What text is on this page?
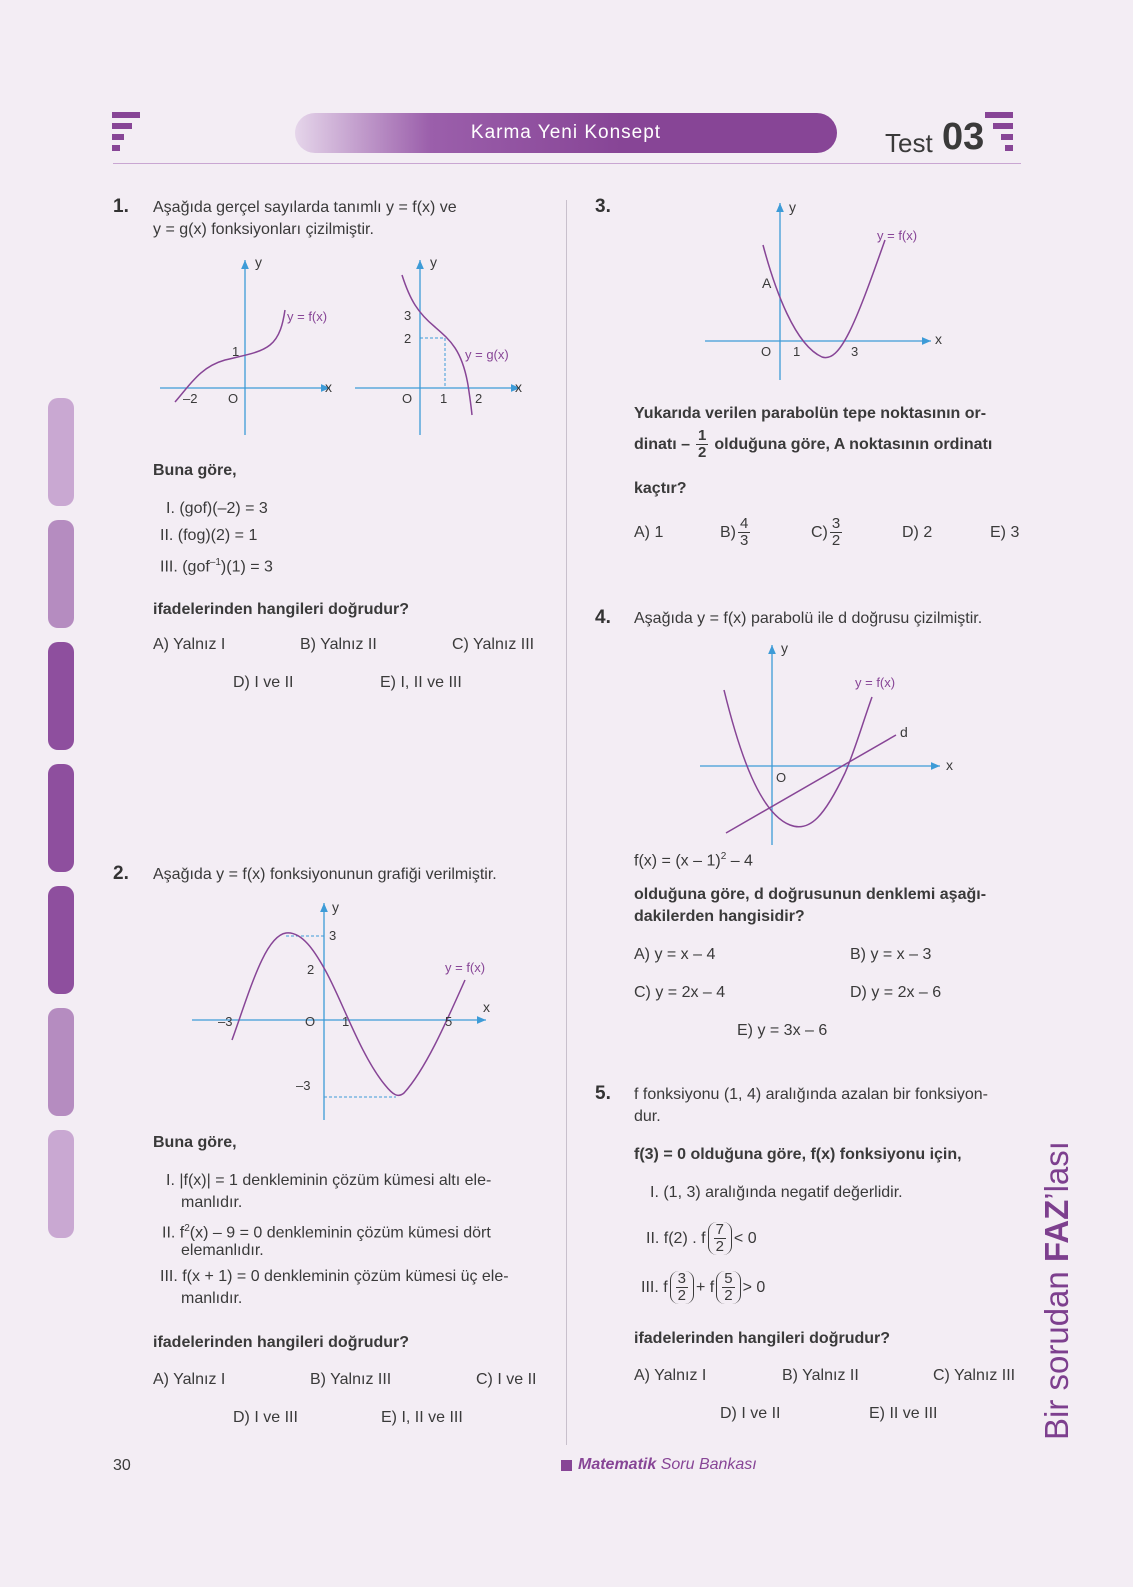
Karma Yeni Konsept	Test 03
1. Aşağıda gerçel sayılarda tanımlı y = f(x) ve
y = g(x) fonksiyonları çizilmiştir.
y
x
y = f(x)
1
–2 O
y
x
y = g(x)
3
2
O 1 2
Buna göre,
I. (gof)(–2) = 3
II. (fog)(2) = 1
III. (gof$^{-1}$)(1) = 3
ifadelerinden hangileri doğrudur?
A) Yalnız I	B) Yalnız II	C) Yalnız III
D) I ve II	E) I, II ve III
2. Aşağıda y = f(x) fonksiyonunun grafiği verilmiştir.
y
x
y = f(x)
3
2
–3	O 1	5
–3
Buna göre,
I. |f(x)| = 1 denkleminin çözüm kümesi altı ele-
manlıdır.
II. $f^2(x) - 9 = 0$ denkleminin çözüm kümesi dört
elemanlıdır.
III. f(x + 1) = 0 denkleminin çözüm kümesi üç ele-
manlıdır.
ifadelerinden hangileri doğrudur?
A) Yalnız I	B) Yalnız III	C) I ve II
D) I ve III	E) I, II ve III
3.	y
x
y = f(x)
A
O 1	3
Yukarıda verilen parabolün tepe noktasının or-
dinatı – $\frac{1}{2}$ olduğuna göre, A noktasının ordinatı
kaçtır?
A) 1	$B) \frac{4}{3}$	$C) \frac{3}{2}$	D) 2	E) 3
4. Aşağıda y = f(x) parabolü ile d doğrusu çizilmiştir.
y
x
y = f(x)
d
O
f(x) = (x – 1)$^2$ – 4
olduğuna göre, d doğrusunun denklemi aşağı-
dakilerden hangisidir?
A) y = x – 4	B) y = x – 3
C) y = 2x – 4	D) y = 2x – 6
E) y = 3x – 6
5. f fonksiyonu (1, 4) aralığında azalan bir fonksiyon-
dur.
f(3) = 0 olduğuna göre, f(x) fonksiyonu için,
I. (1, 3) aralığında negatif değerlidir.
II. f(2) . f $\frac{7}{2} < 0$
III. f $\frac{3}{2} + f \frac{5}{2} > 0$
ifadelerinden hangileri doğrudur?
A) Yalnız I	B) Yalnız II	C) Yalnız III
D) I ve II	E) II ve III	Bir sorudan FAZ’lası
30	Matematik Soru Bankası
